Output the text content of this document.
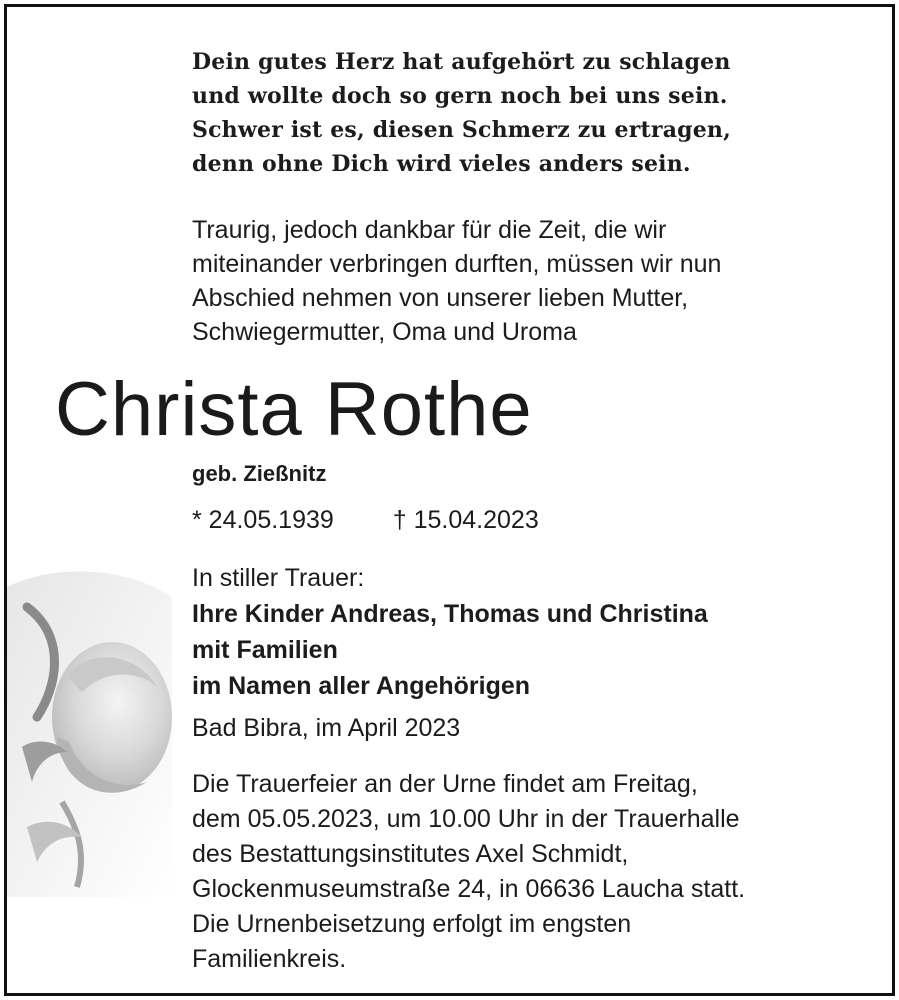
Dein gutes Herz hat aufgehört zu schlagen
und wollte doch so gern noch bei uns sein.
Schwer ist es, diesen Schmerz zu ertragen,
denn ohne Dich wird vieles anders sein.
Traurig, jedoch dankbar für die Zeit, die wir
miteinander verbringen durften, müssen wir nun
Abschied nehmen von unserer lieben Mutter,
Schwiegermutter, Oma und Uroma
Christa Rothe
geb. Zießnitz
* 24.05.1939 † 15.04.2023
In stiller Trauer:
Ihre Kinder Andreas, Thomas und Christina
mit Familien
im Namen aller Angehörigen
Bad Bibra, im April 2023
Die Trauerfeier an der Urne findet am Freitag,
dem 05.05.2023, um 10.00 Uhr in der Trauerhalle
des Bestattungsinstitutes Axel Schmidt,
Glockenmuseumstraße 24, in 06636 Laucha statt.
Die Urnenbeisetzung erfolgt im engsten
Familienkreis.
